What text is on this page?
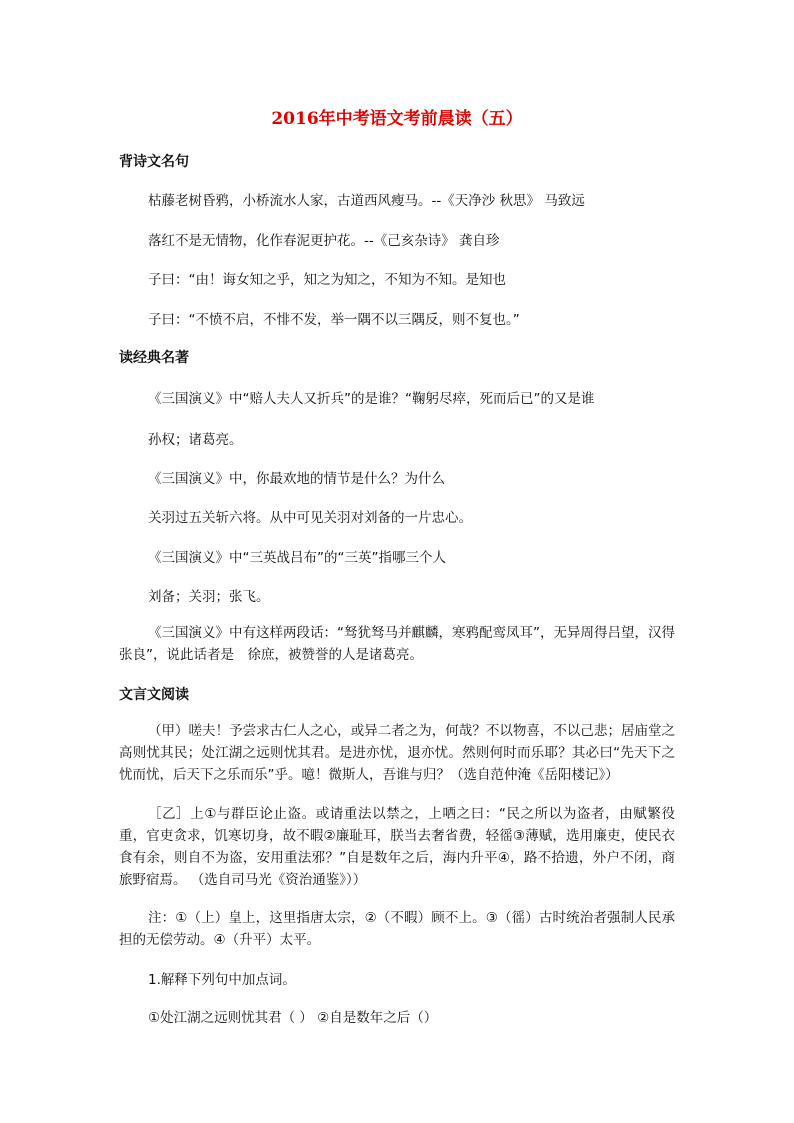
2016年中考语文考前晨读（五）
背诗文名句
枯藤老树昏鸦，小桥流水人家，古道西风瘦马。--《天净沙 秋思》 马致远
落红不是无情物，化作春泥更护花。--《己亥杂诗》 龚自珍
子曰：“由！诲女知之乎，知之为知之，不知为不知。是知也
子曰：“不愤不启，不悱不发，举一隅不以三隅反，则不复也。”
读经典名著
《三国演义》中“赔人夫人又折兵”的是谁？“鞠躬尽瘁，死而后已”的又是谁
孙权；诸葛亮。
《三国演义》中，你最欢地的情节是什么？为什么
关羽过五关斩六将。从中可见关羽对刘备的一片忠心。
《三国演义》中“三英战吕布”的“三英”指哪三个人
刘备；关羽；张飞。
《三国演义》中有这样两段话：“驽犹驽马并麒麟，寒鸦配鸾凤耳”，无异周得吕望，汉得张良”，说此话者是　徐庶，被赞誉的人是诸葛亮。
文言文阅读
（甲）嗟夫！予尝求古仁人之心，或异二者之为，何哉？不以物喜，不以己悲；居庙堂之高则忧其民；处江湖之远则忧其君。是进亦忧，退亦忧。然则何时而乐耶？其必曰“先天下之忧而忧，后天下之乐而乐”乎。噫！微斯人，吾谁与归？（选自范仲淹《岳阳楼记》）
［乙］上①与群臣论止盗。或请重法以禁之，上哂之曰：“民之所以为盗者，由赋繁役重，官吏贪求，饥寒切身，故不暇②廉耻耳，朕当去奢省费，轻徭③薄赋，选用廉吏，使民衣食有余，则自不为盗，安用重法邪？”自是数年之后，海内升平④，路不拾遗，外户不闭，商旅野宿焉。 （选自司马光《资治通鉴》））
注：①（上）皇上，这里指唐太宗，②（不暇）顾不上。③（徭）古时统治者强制人民承担的无偿劳动。④（升平）太平。
1.解释下列句中加点词。
①处江湖之远则忧其君（ ） ②自是数年之后（）
